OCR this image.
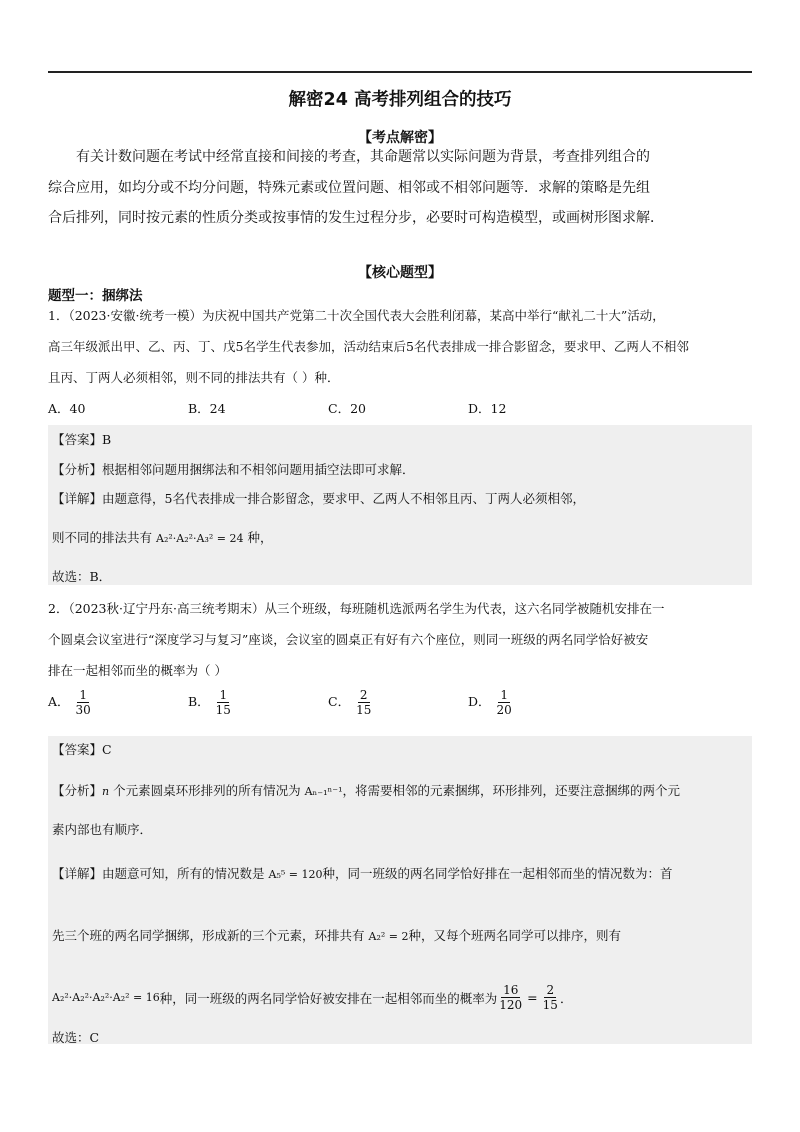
解密24 高考排列组合的技巧
【考点解密】
有关计数问题在考试中经常直接和间接的考查，其命题常以实际问题为背景，考查排列组合的
综合应用，如均分或不均分问题，特殊元素或位置问题、相邻或不相邻问题等．求解的策略是先组
合后排列，同时按元素的性质分类或按事情的发生过程分步，必要时可构造模型，或画树形图求解．
【核心题型】
题型一：捆绑法
1．（2023·安徽·统考一模）为庆祝中国共产党第二十次全国代表大会胜利闭幕，某高中举行“献礼二十大”活动，
高三年级派出甲、乙、丙、丁、戊5名学生代表参加，活动结束后5名代表排成一排合影留念，要求甲、乙两人不相邻
且丙、丁两人必须相邻，则不同的排法共有（ ）种．
A．40	B．24	C．20	D．12
【答案】B
【分析】根据相邻问题用捆绑法和不相邻问题用插空法即可求解．
【详解】由题意得，5名代表排成一排合影留念，要求甲、乙两人不相邻且丙、丁两人必须相邻，
则不同的排法共有 A₂²·A₂²·A₃² = 24 种，
故选：B．
2．（2023秋·辽宁丹东·高三统考期末）从三个班级，每班随机选派两名学生为代表，这六名同学被随机安排在一
个圆桌会议室进行“深度学习与复习”座谈，会议室的圆桌正有好有六个座位，则同一班级的两名同学恰好被安
排在一起相邻而坐的概率为（ ）
A． $\frac{1}{30}$	B． $\frac{1}{15}$	C． $\frac{2}{15}$	D． $\frac{1}{20}$
【答案】C
【分析】n 个元素圆桌环形排列的所有情况为 Aₙ₋₁ⁿ⁻¹，将需要相邻的元素捆绑，环形排列，还要注意捆绑的两个元
素内部也有顺序．
【详解】由题意可知，所有的情况数是 A₅⁵ = 120种，同一班级的两名同学恰好排在一起相邻而坐的情况数为：首
先三个班的两名同学捆绑，形成新的三个元素，环排共有 A₂² = 2种，又每个班两名同学可以排序，则有
A₂²·A₂²·A₂²·A₂² = 16 种，同一班级的两名同学恰好被安排在一起相邻而坐的概率为 $\frac{16}{120} = \frac{2}{15}$ ．
故选：C
